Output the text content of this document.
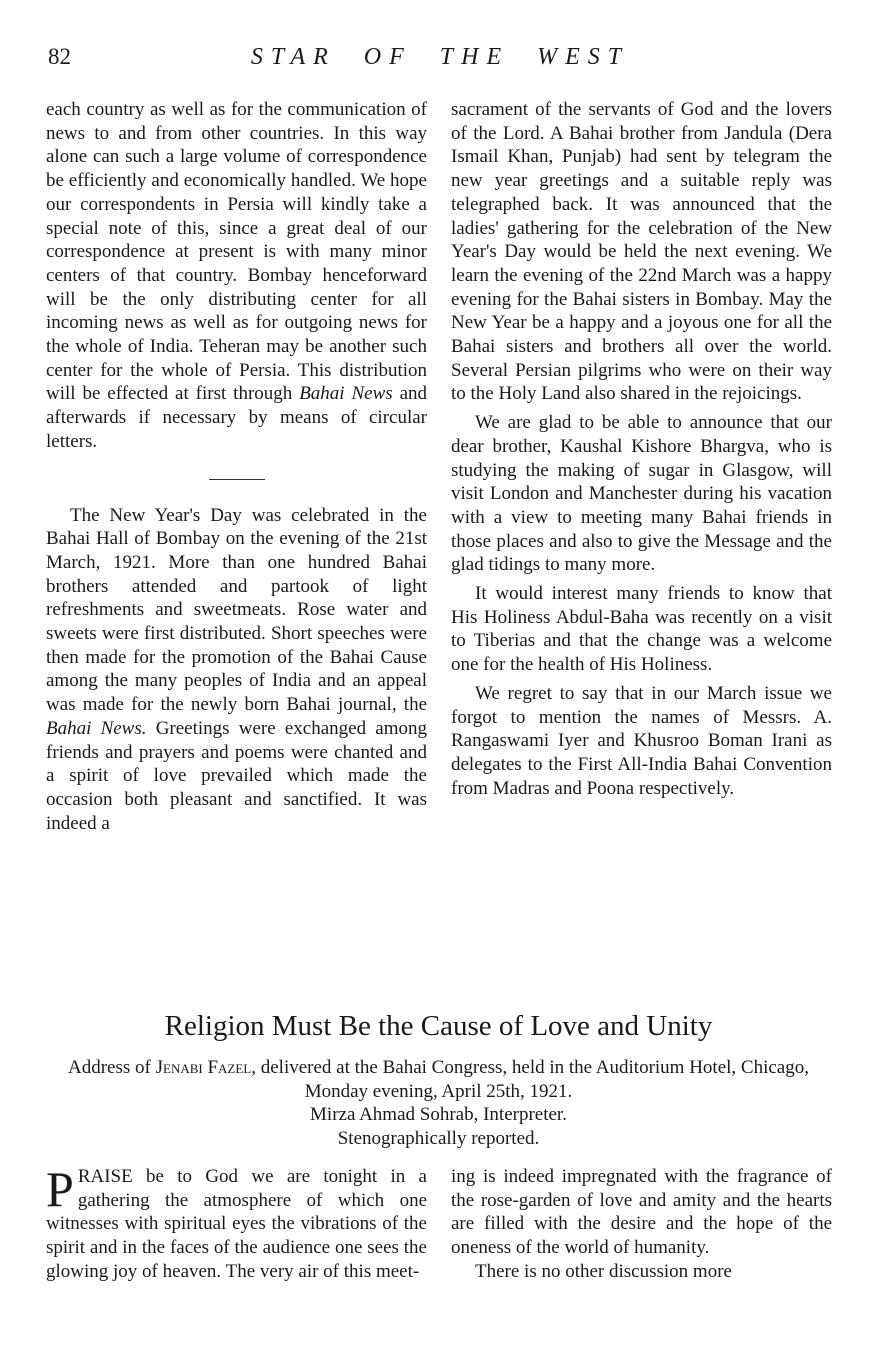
82	STAR OF THE WEST

each country as well as for the communication of news to and from other countries. In this way alone can such a large volume of correspondence be efficiently and economically handled. We hope our correspondents in Persia will kindly take a special note of this, since a great deal of our correspondence at present is with many minor centers of that country. Bombay henceforward will be the only distributing center for all incoming news as well as for outgoing news for the whole of India. Teheran may be another such center for the whole of Persia. This distribution will be effected at first through Bahai News and afterwards if necessary by means of circular letters.

The New Year's Day was celebrated in the Bahai Hall of Bombay on the evening of the 21st March, 1921. More than one hundred Bahai brothers attended and partook of light refreshments and sweetmeats. Rose water and sweets were first distributed. Short speeches were then made for the promotion of the Bahai Cause among the many peoples of India and an appeal was made for the newly born Bahai journal, the Bahai News. Greetings were exchanged among friends and prayers and poems were chanted and a spirit of love prevailed which made the occasion both pleasant and sanctified. It was indeed a

sacrament of the servants of God and the lovers of the Lord. A Bahai brother from Jandula (Dera Ismail Khan, Punjab) had sent by telegram the new year greetings and a suitable reply was telegraphed back. It was announced that the ladies' gathering for the celebration of the New Year's Day would be held the next evening. We learn the evening of the 22nd March was a happy evening for the Bahai sisters in Bombay. May the New Year be a happy and a joyous one for all the Bahai sisters and brothers all over the world. Several Persian pilgrims who were on their way to the Holy Land also shared in the rejoicings.

We are glad to be able to announce that our dear brother, Kaushal Kishore Bhargva, who is studying the making of sugar in Glasgow, will visit London and Manchester during his vacation with a view to meeting many Bahai friends in those places and also to give the Message and the glad tidings to many more.

It would interest many friends to know that His Holiness Abdul-Baha was recently on a visit to Tiberias and that the change was a welcome one for the health of His Holiness.

We regret to say that in our March issue we forgot to mention the names of Messrs. A. Rangaswami Iyer and Khusroo Boman Irani as delegates to the First All-India Bahai Convention from Madras and Poona respectively.

Religion Must Be the Cause of Love and Unity
Address of Jenabi Fazel, delivered at the Bahai Congress, held in the Auditorium Hotel, Chicago, Monday evening, April 25th, 1921.
Mirza Ahmad Sohrab, Interpreter.
Stenographically reported.

PRAISE be to God we are tonight in a gathering the atmosphere of which one witnesses with spiritual eyes the vibrations of the spirit and in the faces of the audience one sees the glowing joy of heaven. The very air of this meet-

ing is indeed impregnated with the fragrance of the rose-garden of love and amity and the hearts are filled with the desire and the hope of the oneness of the world of humanity.

There is no other discussion more
